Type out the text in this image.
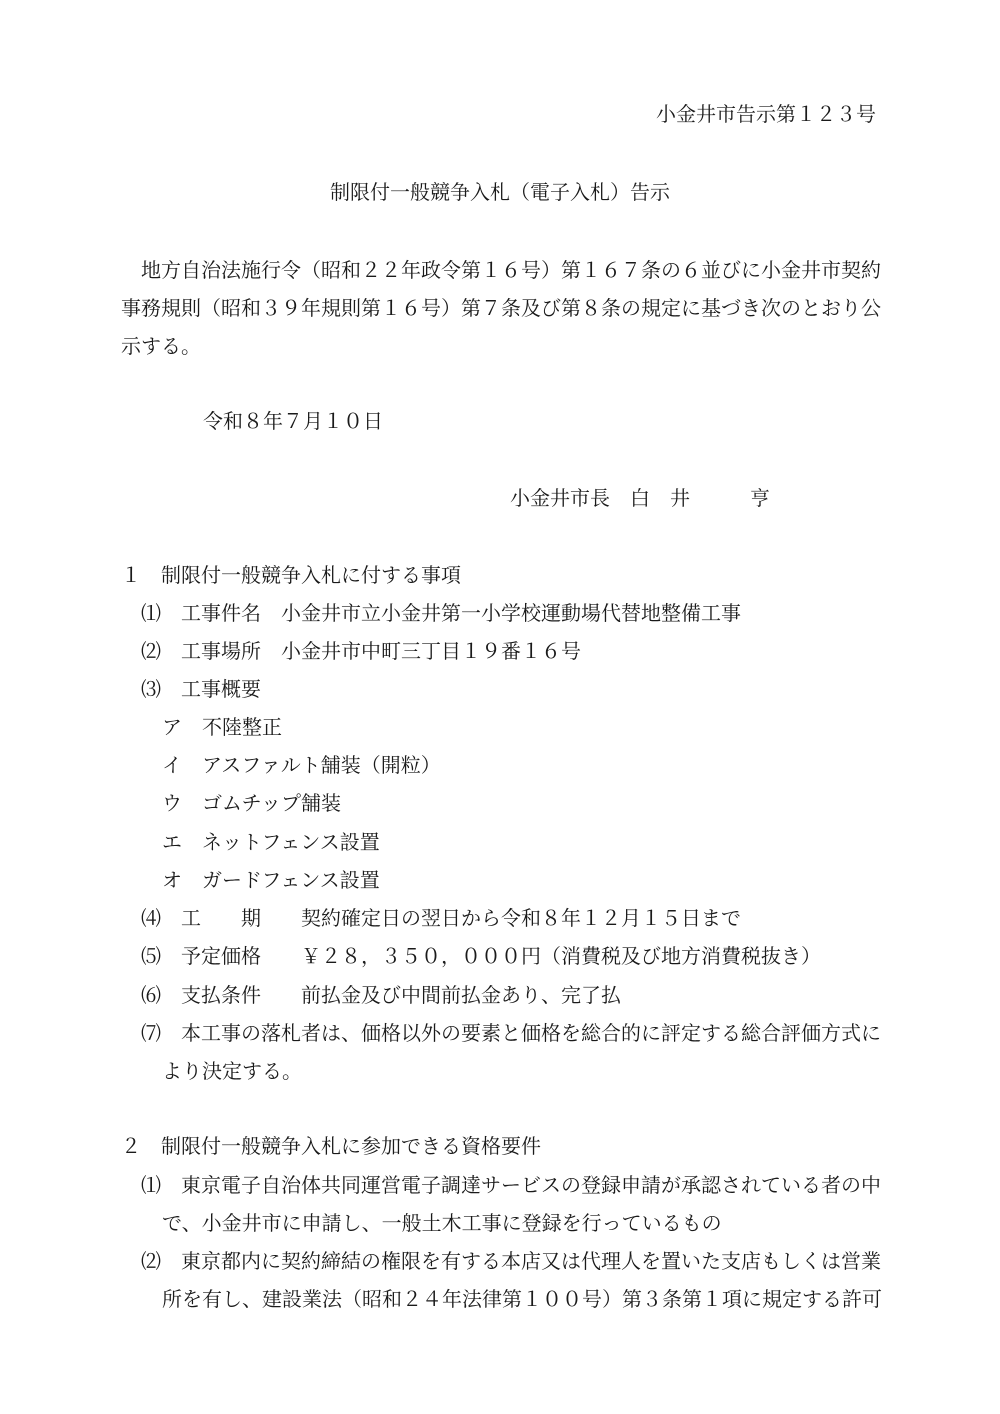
小金井市告示第１２３号
制限付一般競争入札（電子入札）告示
地方自治法施行令（昭和２２年政令第１６号）第１６７条の６並びに小金井市契約
事務規則（昭和３９年規則第１６号）第７条及び第８条の規定に基づき次のとおり公
示する。
令和８年７月１０日
小金井市長　白　井　　　亨
１　制限付一般競争入札に付する事項
⑴　工事件名　小金井市立小金井第一小学校運動場代替地整備工事
⑵　工事場所　小金井市中町三丁目１９番１６号
⑶　工事概要
ア　不陸整正
イ　アスファルト舗装（開粒）
ウ　ゴムチップ舗装
エ　ネットフェンス設置
オ　ガードフェンス設置
⑷　工　　期　　契約確定日の翌日から令和８年１２月１５日まで
⑸　予定価格　　￥２８，３５０，０００円（消費税及び地方消費税抜き）
⑹　支払条件　　前払金及び中間前払金あり、完了払
⑺　本工事の落札者は、価格以外の要素と価格を総合的に評定する総合評価方式に
より決定する。
２　制限付一般競争入札に参加できる資格要件
⑴　東京電子自治体共同運営電子調達サービスの登録申請が承認されている者の中
で、小金井市に申請し、一般土木工事に登録を行っているもの
⑵　東京都内に契約締結の権限を有する本店又は代理人を置いた支店もしくは営業
所を有し、建設業法（昭和２４年法律第１００号）第３条第１項に規定する許可
